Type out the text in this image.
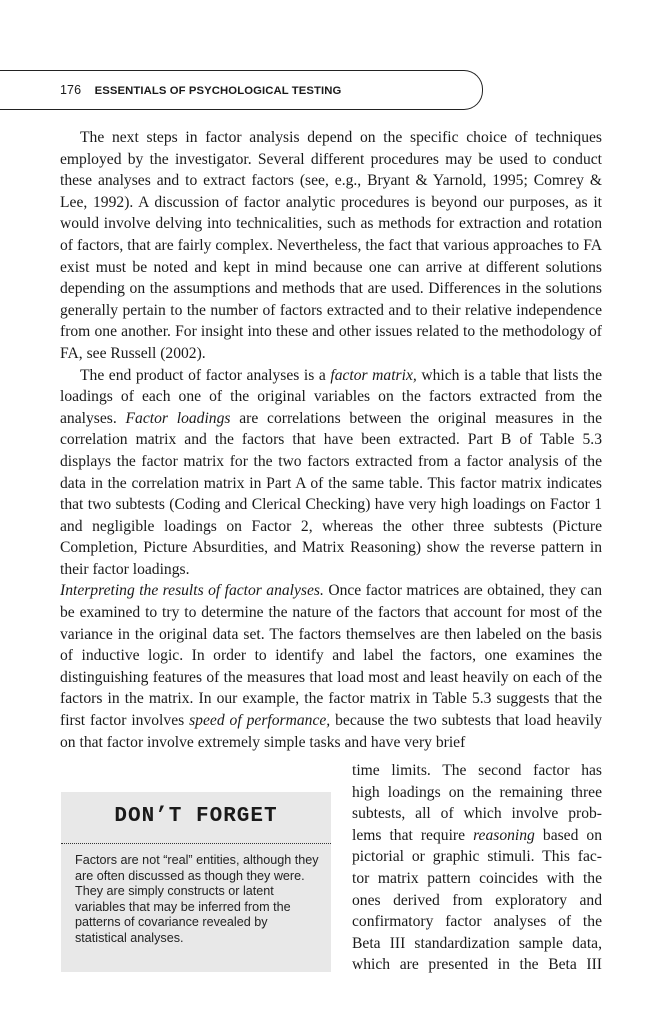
176 ESSENTIALS OF PSYCHOLOGICAL TESTING

The next steps in factor analysis depend on the specific choice of techniques employed by the investigator. Several different procedures may be used to conduct these analyses and to extract factors (see, e.g., Bryant & Yarnold, 1995; Comrey & Lee, 1992). A discussion of factor analytic procedures is beyond our purposes, as it would involve delving into technicalities, such as methods for extraction and rotation of factors, that are fairly complex. Nevertheless, the fact that various approaches to FA exist must be noted and kept in mind because one can arrive at different solutions depending on the assumptions and methods that are used. Differences in the solutions generally pertain to the number of factors extracted and to their relative independence from one another. For insight into these and other issues related to the methodology of FA, see Russell (2002).

The end product of factor analyses is a factor matrix, which is a table that lists the loadings of each one of the original variables on the factors extracted from the analyses. Factor loadings are correlations between the original measures in the correlation matrix and the factors that have been extracted. Part B of Table 5.3 displays the factor matrix for the two factors extracted from a factor analysis of the data in the correlation matrix in Part A of the same table. This factor matrix indicates that two subtests (Coding and Clerical Checking) have very high loadings on Factor 1 and negligible loadings on Factor 2, whereas the other three subtests (Picture Completion, Picture Absurdities, and Matrix Reasoning) show the reverse pattern in their factor loadings.

Interpreting the results of factor analyses. Once factor matrices are obtained, they can be examined to try to determine the nature of the factors that account for most of the variance in the original data set. The factors themselves are then labeled on the basis of inductive logic. In order to identify and label the factors, one examines the distinguishing features of the measures that load most and least heavily on each of the factors in the matrix. In our example, the factor matrix in Table 5.3 suggests that the first factor involves speed of performance, because the two subtests that load heavily on that factor involve extremely simple tasks and have very brief

time limits. The second factor has
high loadings on the remaining three
subtests, all of which involve prob-
lems that require reasoning based on
pictorial or graphic stimuli. This fac-
tor matrix pattern coincides with the
ones derived from exploratory and
confirmatory factor analyses of the
Beta III standardization sample data,
which are presented in the Beta III
DON’T FORGET
Factors are not “real” entities, although they are often discussed as though they were. They are simply constructs or latent variables that may be inferred from the patterns of covariance revealed by statistical analyses.
